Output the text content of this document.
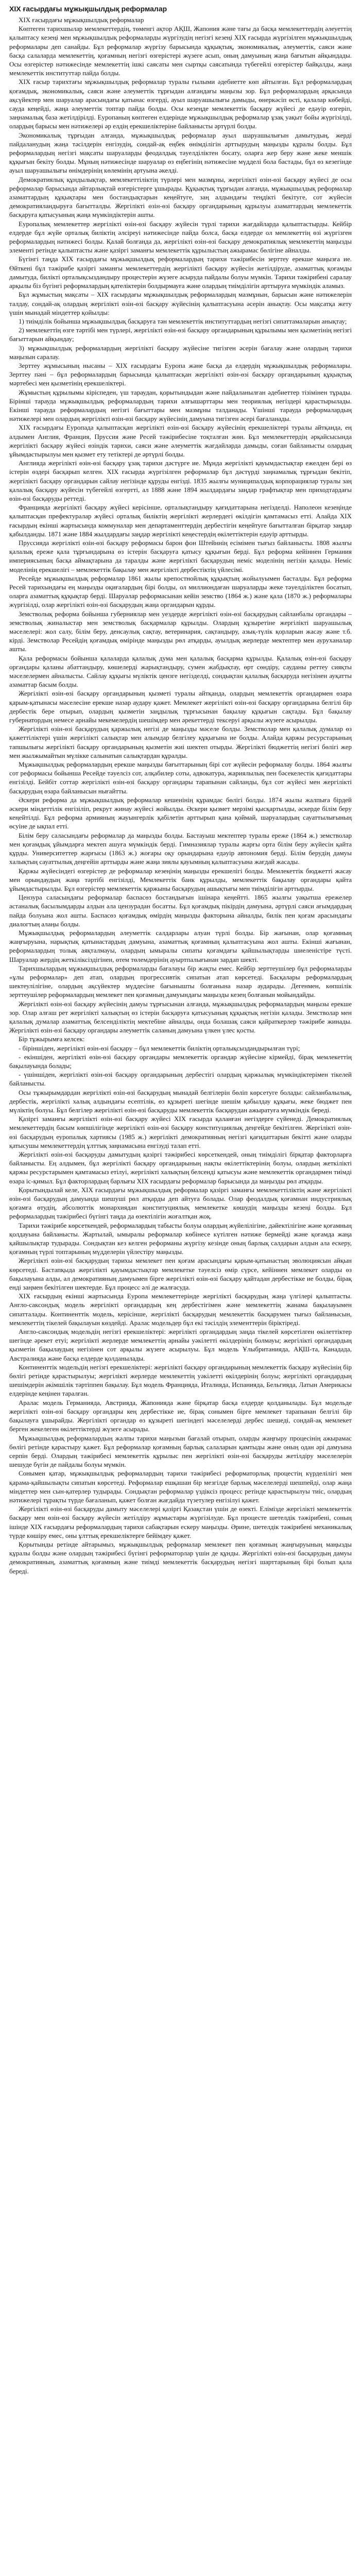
XIX ғасырдағы мұжықшылдық реформалар

XIX ғасырдағы мұжықшылдық реформалар

Көптеген тарихшылар мемлекеттердің, төменгі ақтор АҚШ, Жапония және тағы да басқа мемлекеттердің әлеуеттің қалыптасу кезеңі мен мұжықшылдық реформаларды жүргізудің негізгі кезеңі XIX ғасырда жүргізілген мұжықшылдық реформалары деп санайды. Бұл реформалар жүргізу барысында құқықтық, экономикалық, әлеуметтік, саяси және басқа салаларда мемлекеттің, қоғамның негізгі өзгерістері жүзеге асып, оның дамуының жаңа бағытын айқындады. Осы өзгерістер нәтижесінде мемлекеттің ішкі саясаты мен сыртқы саясатында түбегейлі өзгерістер байқалды, жаңа мемлекеттік институттар пайда болды.

XIX ғасыр тарихтағы мұжықшылдық реформалар туралы ғылыми әдебиетте көп айтылған. Бұл реформалардың қоғамдық, экономикалық, саяси және әлеуметтік тұрғыдан алғандағы маңызы зор. Бұл реформалардың арқасында ақсүйектер мен шаруалар арасындағы қатынас өзгерді, ауыл шаруашылығы дамыды, өнеркәсіп өсті, қалалар көбейді, сауда кеңейді, жаңа әлеуметтік топтар пайда болды. Осы кезеңде мемлекеттік басқару жүйесі де едәуір өзгеріп, заңнамалық база жетілдірілді. Еуропаның көптеген елдерінде мұжықшылдық реформалар ұзақ уақыт бойы жүргізілді, олардың барысы мен нәтижелері әр елдің ерекшеліктеріне байланысты әртүрлі болды.

Экономикалық тұрғыдан алғанда, мұжықшылдық реформалар ауыл шаруашылығын дамытудың, жерді пайдаланудың жаңа тәсілдерін енгізудің, сондай-ақ еңбек өнімділігін арттырудың маңызды құралы болды. Бұл реформалардың негізгі мақсаты шаруаларды феодалдық тәуелділіктен босату, оларға жер беру және жеке меншік құқығын бекіту болды. Мұның нәтижесінде шаруалар өз еңбегінің нәтижесіне мүдделі бола бастады, бұл өз кезегінде ауыл шаруашылығы өнімдерінің көлемінің артуына әкелді.

Демократиялық құндылықтар, мемлекеттіліктің түрлері мен мазмұны, жергілікті өзін-өзі басқару жүйесі де осы реформалар барысында айтарлықтай өзгерістерге ұшырады. Құқықтық тұрғыдан алғанда, мұжықшылдық реформалар азаматтардың құқықтары мен бостандықтарын кеңейтуге, заң алдындағы теңдікті бекітуге, сот жүйесін демократияландыруға бағытталды. Жергілікті өзін-өзі басқару органдарының құрылуы азаматтардың мемлекеттік басқаруға қатысуының жаңа мүмкіндіктерін ашты.

Еуропалық мемлекеттер жергілікті өзін-өзі басқару жүйесін түрлі тарихи жағдайларда қалыптастырды. Кейбір елдерде бұл жүйе орталық биліктің әлсіреуі нәтижесінде пайда болса, басқа елдерде ол мемлекеттің өзі жүргізген реформалардың нәтижесі болды. Қалай болғанда да, жергілікті өзін-өзі басқару демократиялық мемлекеттің маңызды элементі ретінде қалыптасты және қазіргі заманғы мемлекеттік құрылыстың ажырамас бөлігіне айналды.

Бүгінгі таңда XIX ғасырдағы мұжықшылдық реформалардың тарихи тәжірибесін зерттеу ерекше маңызға ие. Өйткені бұл тәжірибе қазіргі заманғы мемлекеттердің жергілікті басқару жүйесін жетілдіруде, азаматтық қоғамды дамытуда, билікті орталықсыздандыру процестерін жүзеге асыруда пайдалы болуы мүмкін. Тарихи тәжірибені саралау арқылы біз бүгінгі реформалардың қателіктерін болдырмауға және олардың тиімділігін арттыруға мүмкіндік аламыз.

Бұл жұмыстың мақсаты – XIX ғасырдағы мұжықшылдық реформалардың мазмұнын, барысын және нәтижелерін талдау, сондай-ақ олардың жергілікті өзін-өзі басқару жүйесінің қалыптасуына әсерін анықтау. Осы мақсатқа жету үшін мынадай міндеттер қойылды:

1) тиімділік бойынша мұжықшылдық басқаруға тән мемлекеттік институттардың негізгі сипаттамаларын анықтау;

2) мемлекеттің өзге тәртібі мен түрлері, жергілікті өзін-өзі басқару органдарының құрылымы мен қызметінің негізгі бағыттарын айқындау;

3) мұжықшылдық реформалардың жергілікті басқару жүйесіне тигізген әсерін бағалау және олардың тарихи маңызын саралау.

Зерттеу жұмысының нысаны – XIX ғасырдағы Еуропа және басқа да елдердің мұжықшылдық реформалары. Зерттеу пәні – бұл реформалардың барысында қалыптасқан жергілікті өзін-өзі басқару органдарының құқықтық мәртебесі мен қызметінің ерекшеліктері.

Жұмыстың құрылымы кіріспеден, үш тараудан, қорытындыдан және пайдаланылған әдебиеттер тізімінен тұрады. Бірінші тарауда мұжықшылдық реформалардың тарихи алғышарттары мен теориялық негіздері қарастырылады. Екінші тарауда реформалардың негізгі бағыттары мен мазмұны талданады. Үшінші тарауда реформалардың нәтижелері мен олардың жергілікті өзін-өзі басқару жүйесінің дамуына тигізген әсері бағаланады.

XIX ғасырдағы Еуропада қалыптасқан жергілікті өзін-өзі басқару жүйесінің ерекшеліктері туралы айтқанда, ең алдымен Англия, Франция, Пруссия және Ресей тәжірибесіне тоқталған жөн. Бұл мемлекеттердің әрқайсысында жергілікті басқару жүйесі өзіндік тарихи, саяси және әлеуметтік жағдайларда дамыды, соған байланысты олардың ұйымдастырылуы мен қызмет ету тетіктері де әртүрлі болды.

Англияда жергілікті өзін-өзі басқару ұзақ тарихи дәстүрге ие. Мұнда жергілікті қауымдастықтар ежелден бері өз істерін өздері басқарып келген. XIX ғасырда жүргізілген реформалар бұл дәстүрді заңнамалық тұрғыдан бекітіп, жергілікті басқару органдарын сайлау негізінде құруды енгізді. 1835 жылғы муниципалдық корпорациялар туралы заң қалалық басқару жүйесін түбегейлі өзгертті, ал 1888 және 1894 жылдардағы заңдар графтықтар мен приходтардағы өзін-өзі басқаруды реттеді.

Францияда жергілікті басқару жүйесі керісінше, орталықтандыру қағидаттарына негізделді. Наполеон кезеңінде қалыптасқан префектуралар жүйесі орталық биліктің жергілікті жерлердегі өкілдігін қамтамасыз етті. Алайда XIX ғасырдың екінші жартысында коммуналар мен департаменттердің дербестігін кеңейтуге бағытталған бірқатар заңдар қабылданды. 1871 және 1884 жылдардағы заңдар жергілікті кеңестердің өкілеттіктерін едәуір арттырды.

Пруссияда жергілікті өзін-өзі басқару реформасы барон фон Штейннің есімімен тығыз байланысты. 1808 жылғы қалалық ереже қала тұрғындарына өз істерін басқаруға қатысу құқығын берді. Бұл реформа кейіннен Германия империясының басқа аймақтарына да таралды және жергілікті басқарудың неміс моделінің негізін қалады. Неміс моделінің ерекшелігі – мемлекеттік бақылау мен жергілікті дербестіктің үйлесімі.

Ресейде мұжықшылдық реформалар 1861 жылы крепостнойлық құқықтың жойылуымен басталды. Бұл реформа Ресей тарихындағы ең маңызды оқиғалардың бірі болды, ол миллиондаған шаруаларды жеке тәуелділіктен босатып, оларға азаматтық құқықтар берді. Шаруалар реформасынан кейін земство (1864 ж.) және қала (1870 ж.) реформалары жүргізілді, олар жергілікті өзін-өзі басқарудың жаңа органдарын құрды.

Земстволық реформа бойынша губерниялар мен уездерде жергілікті өзін-өзі басқарудың сайланбалы органдары – земстволық жиналыстар мен земстволық басқармалар құрылды. Олардың құзыретіне жергілікті шаруашылық мәселелері: жол салу, білім беру, денсаулық сақтау, ветеринария, сақтандыру, азық-түлік қорларын жасау және т.б. кірді. Земстволар Ресейдің қоғамдық өмірінде маңызды рөл атқарды, ауылдық жерлерде мектептер мен ауруханалар ашты.

Қала реформасы бойынша қалаларда қалалық дума мен қалалық басқарма құрылды. Қалалық өзін-өзі басқару органдары қаланы абаттандыру, көшелерді жарықтандыру, сумен жабдықтау, өрт сөндіру, сауданы реттеу сияқты мәселелермен айналысты. Сайлау құқығы мүліктік цензге негізделді, сондықтан қалалық басқаруда негізінен ауқатты азаматтар басым болды.

Жергілікті өзін-өзі басқару органдарының қызметі туралы айтқанда, олардың мемлекеттік органдармен өзара қарым-қатынасы мәселесіне ерекше назар аудару қажет. Мемлекет жергілікті өзін-өзі басқару органдарына белгілі бір дербестік бере отырып, олардың қызметін заңдылық тұрғысынан бақылау құқығын сақтады. Бұл бақылау губернатордың немесе арнайы мекемелердің шешімдер мен әрекеттерді тексеруі арқылы жүзеге асырылды.

Жергілікті өзін-өзі басқарудың қаржылық негізі де маңызды мәселе болды. Земстволар мен қалалық думалар өз қажеттіліктері үшін жергілікті салықтар мен алымдар белгілеу құқығына ие болды. Алайда қаржы ресурстарының тапшылығы жергілікті басқару органдарының қызметін жиі шектеп отырды. Жергілікті бюджеттің негізгі бөлігі жер мен жылжымайтын мүлікке салынатын салықтардан құралды.

Мұжықшылдық реформалардың ерекше маңызды бағыттарының бірі сот жүйесін реформалау болды. 1864 жылғы сот реформасы бойынша Ресейде тәуелсіз сот, алқабилер соты, адвокатура, жариялылық пен бәсекелестік қағидаттары енгізілді. Бейбіт соттар жергілікті өзін-өзі басқару органдары тарапынан сайланды, бұл сот жүйесі мен жергілікті басқарудың өзара байланысын нығайтты.

Әскери реформа да мұжықшылдық реформалар кешенінің құрамдас бөлігі болды. 1874 жылы жалпыға бірдей әскери міндеттілік енгізіліп, рекрут жинау жүйесі жойылды. Әскери қызмет мерзімі қысқартылды, әскерде білім беру кеңейтілді. Бұл реформа армияның жауынгерлік қабілетін арттырып қана қоймай, шаруалардың сауаттылығының өсуіне де ықпал етті.

Білім беру саласындағы реформалар да маңызды болды. Бастауыш мектептер туралы ереже (1864 ж.) земстволар мен қоғамдық ұйымдарға мектеп ашуға мүмкіндік берді. Гимназиялар туралы жарғы орта білім беру жүйесін қайта құрды. Университеттер жарғысы (1863 ж.) жоғары оқу орындарына едәуір автономия берді. Білім берудің дамуы халықтың сауаттылық деңгейін арттырды және жаңа зиялы қауымның қалыптасуына жағдай жасады.

Қаржы жүйесіндегі өзгерістер де реформалар кезеңінің маңызды ерекшелігі болды. Мемлекеттік бюджетті жасау мен орындаудың жаңа тәртібі енгізілді, Мемлекеттік банк құрылды, мемлекеттік бақылау органдары қайта ұйымдастырылды. Бұл өзгерістер мемлекеттік қаржыны басқарудың ашықтығы мен тиімділігін арттырды.

Цензура саласындағы реформалар баспасөз бостандығын ішінара кеңейтті. 1865 жылғы уақытша ережелер астаналық басылымдарды алдын ала цензурадан босатты. Бұл қоғамдық пікірдің дамуына, әртүрлі саяси ағымдардың пайда болуына жол ашты. Баспасөз қоғамдық өмірдің маңызды факторына айналды, билік пен қоғам арасындағы диалогтың алаңы болды.

Мұжықшылдық реформалардың әлеуметтік салдарлары алуан түрлі болды. Бір жағынан, олар қоғамның жаңғыруына, нарықтық қатынастардың дамуына, азаматтық қоғамның қалыптасуына жол ашты. Екінші жағынан, реформалардың толық аяқталмауы, олардың ымыралы сипаты қоғамдағы қайшылықтарды шиеленістіре түсті. Шаруалар жердің жеткіліксіздігінен, өтем төлемдерінің ауыртпалығынан зардап шекті.

Тарихшылардың мұжықшылдық реформаларды бағалауы бір жақты емес. Кейбір зерттеушілер бұл реформаларды «ұлы реформалар» деп атап, олардың прогрессивтік сипатын атап көрсетеді. Басқалары реформалардың шектеулілігіне, олардың ақсүйектер мүддесіне бағынышты болғанына назар аударады. Дегенмен, көпшілік зерттеушілер реформалардың мемлекет пен қоғамның дамуындағы маңызды кезең болғанын мойындайды.

Жергілікті өзін-өзі басқару жүйесінің дамуы тұрғысынан алғанда, мұжықшылдық реформалардың маңызы ерекше зор. Олар алғаш рет жергілікті халықтың өз істерін басқаруға қатысуының құқықтық негізін қалады. Земстволар мен қалалық думалар азаматтық белсенділіктің мектебіне айналды, онда болашақ саяси қайраткерлер тәжірибе жинады. Жергілікті өзін-өзі басқару органдары әлеуметтік саланың дамуына үлкен үлес қосты.

Бір тұжырымға келсек:

- біріншіден, жергілікті өзін-өзі басқару – бұл мемлекеттік биліктің орталықсыздандырылған түрі;

- екіншіден, жергілікті өзін-өзі басқару органдары мемлекеттік органдар жүйесіне кірмейді, бірақ мемлекеттің бақылауында болады;

- үшіншіден, жергілікті өзін-өзі басқару органдарының дербестігі олардың қаржылық мүмкіндіктерімен тікелей байланысты.

Осы тұжырымдардан жергілікті өзін-өзі басқарудың мынадай белгілерін бөліп көрсетуге болады: сайланбалылық, дербестік, жергілікті халық алдындағы есептілік, өз құзыреті шегінде шешім қабылдау құқығы, жеке бюджет пен мүліктің болуы. Бұл белгілер жергілікті өзін-өзі басқаруды мемлекеттік басқарудан ажыратуға мүмкіндік береді.

Қазіргі заманғы жергілікті өзін-өзі басқару жүйесі XIX ғасырда қаланған негіздерге сүйенеді. Демократиялық мемлекеттердің басым көпшілігінде жергілікті өзін-өзі басқару конституциялық деңгейде бекітілген. Жергілікті өзін-өзі басқарудың еуропалық хартиясы (1985 ж.) жергілікті демократияның негізгі қағидаттарын бекітті және оларды қатысушы мемлекеттердің ұлттық заңнамасына енгізуді талап етті.

Жергілікті өзін-өзі басқаруды дамытудың қазіргі тәжірибесі көрсеткендей, оның тиімділігі бірқатар факторларға байланысты. Ең алдымен, бұл жергілікті басқару органдарының нақты өкілеттіктерінің болуы, олардың жеткілікті қаржы ресурстарымен қамтамасыз етілуі, жергілікті халықтың белсенді қатысуы және мемлекеттік органдармен тиімді өзара іс-қимыл. Бұл факторлардың барлығы XIX ғасырдағы реформалар барысында да маңызды рөл атқарды.

Қорытындылай келе, XIX ғасырдағы мұжықшылдық реформалар қазіргі заманғы мемлекеттіліктің және жергілікті өзін-өзі басқарудың дамуында шешуші рөл атқарды деп айтуға болады. Олар феодалдық қоғамнан индустриялық қоғамға өтудің, абсолюттік монархиядан конституциялық мемлекетке көшудің маңызды кезеңі болды. Бұл реформалардың тәжірибесі бүгінгі таңда да өзектілігін жоғалтқан жоқ.

Тарихи тәжірибе көрсеткендей, реформалардың табысты болуы олардың жүйелілігіне, дәйектілігіне және қоғамның қолдауына байланысты. Жартылай, ымыралы реформалар көбінесе күтілген нәтиже бермейді және қоғамда жаңа қайшылықтар тудырады. Сондықтан кез келген реформаны жүргізу кезінде оның барлық салдарын алдын ала ескеру, қоғамның түрлі топтарының мүдделерін үйлестіру маңызды.

Жергілікті өзін-өзі басқарудың тарихы мемлекет пен қоғам арасындағы қарым-қатынастың эволюциясын айқын көрсетеді. Бастапқыда жергілікті қауымдастықтар мемлекетке тәуелсіз өмір сүрсе, кейіннен мемлекет оларды өз бақылауына алды, ал демократияның дамуымен бірге жергілікті өзін-өзі басқару қайтадан дербестікке ие болды, бірақ енді заңмен бекітілген шектерде. Бұл процесс әлі де жалғасуда.

XIX ғасырдың екінші жартысында Еуропа мемлекеттерінде жергілікті басқарудың жаңа үлгілері қалыптасты. Англо-саксондық модель жергілікті органдардың кең дербестігімен және мемлекеттің жанама бақылауымен сипатталады. Континенттік модель, керісінше, жергілікті басқарудың мемлекеттік басқарумен тығыз байланысын, мемлекеттің тікелей бақылауын көздейді. Аралас модельдер бұл екі тәсілдің элементтерін біріктіреді.

Англо-саксондық модельдің негізгі ерекшеліктері: жергілікті органдардың заңда тікелей көрсетілген өкілеттіктер шегінде әрекет етуі; жергілікті жерлерде мемлекеттің арнайы уәкілетті өкілдерінің болмауы; жергілікті органдардың қызметін бақылаудың негізінен сот арқылы жүзеге асырылуы. Бұл модель Ұлыбританияда, АҚШ-та, Канадада, Австралияда және басқа елдерде қолданылады.

Континенттік модельдің негізгі ерекшеліктері: жергілікті басқару органдарының мемлекеттік басқару жүйесінің бір бөлігі ретінде қарастырылуы; жергілікті жерлерде мемлекеттің уәкілетті өкілдерінің болуы; жергілікті органдардың шешімдерін әкімшілік тәртіппен бақылау. Бұл модель Францияда, Италияда, Испанияда, Бельгияда, Латын Америкасы елдерінде кеңінен таралған.

Аралас модель Германияда, Австрияда, Жапонияда және бірқатар басқа елдерде қолданылады. Бұл модельде жергілікті өзін-өзі басқару органдары кең дербестікке ие, бірақ сонымен бірге мемлекет тарапынан белгілі бір бақылауға ұшырайды. Жергілікті органдар өз құзыреті шегіндегі мәселелерді дербес шешеді, сондай-ақ мемлекет берген жекелеген өкілеттіктерді жүзеге асырады.

Мұжықшылдық реформалардың жалпы тарихи маңызын бағалай отырып, оларды жаңғыру процесінің ажырамас бөлігі ретінде қарастыру қажет. Бұл реформалар қоғамның барлық салаларын қамтыды және оның одан әрі дамуына серпін берді. Олардың тәжірибесі мемлекеттік құрылыс пен жергілікті өзін-өзі басқаруды жетілдіру мәселелерін шешуде бүгін де пайдалы болуы мүмкін.

Сонымен қатар, мұжықшылдық реформалардың тарихи тәжірибесі реформаторлық процестің күрделілігі мен қарама-қайшылықты сипатын көрсетеді. Реформалар ешқашан бір мезгілде барлық мәселелерді шешпейді, олар жаңа міндеттер мен сын-қатерлер тудырады. Сондықтан реформалар үздіксіз процесс ретінде қарастырылуы тиіс, олардың нәтижелері тұрақты түрде бағаланып, қажет болған жағдайда түзетулер енгізілуі қажет.

Жергілікті өзін-өзі басқаруды дамыту мәселелері қазіргі Қазақстан үшін де өзекті. Елімізде жергілікті мемлекеттік басқару мен өзін-өзі басқару жүйесін жетілдіру жұмыстары жүргізілуде. Бұл процесте шетелдік тәжірибені, соның ішінде XIX ғасырдағы реформалардың тарихи сабақтарын ескеру маңызды. Әрине, шетелдік тәжірибені механикалық түрде көшіру емес, оны ұлттық ерекшеліктерге бейімдеу қажет.

Қорытынды ретінде айтарымыз, мұжықшылдық реформалар мемлекет пен қоғамның жаңғыруының маңызды құралы болды және олардың тәжірибесі бүгінгі реформаторлар үшін де құнды. Жергілікті өзін-өзі басқарудың дамуы демократияның, азаматтық қоғамның және тиімді мемлекеттік басқарудың негізгі шарттарының бірі болып қала береді.
